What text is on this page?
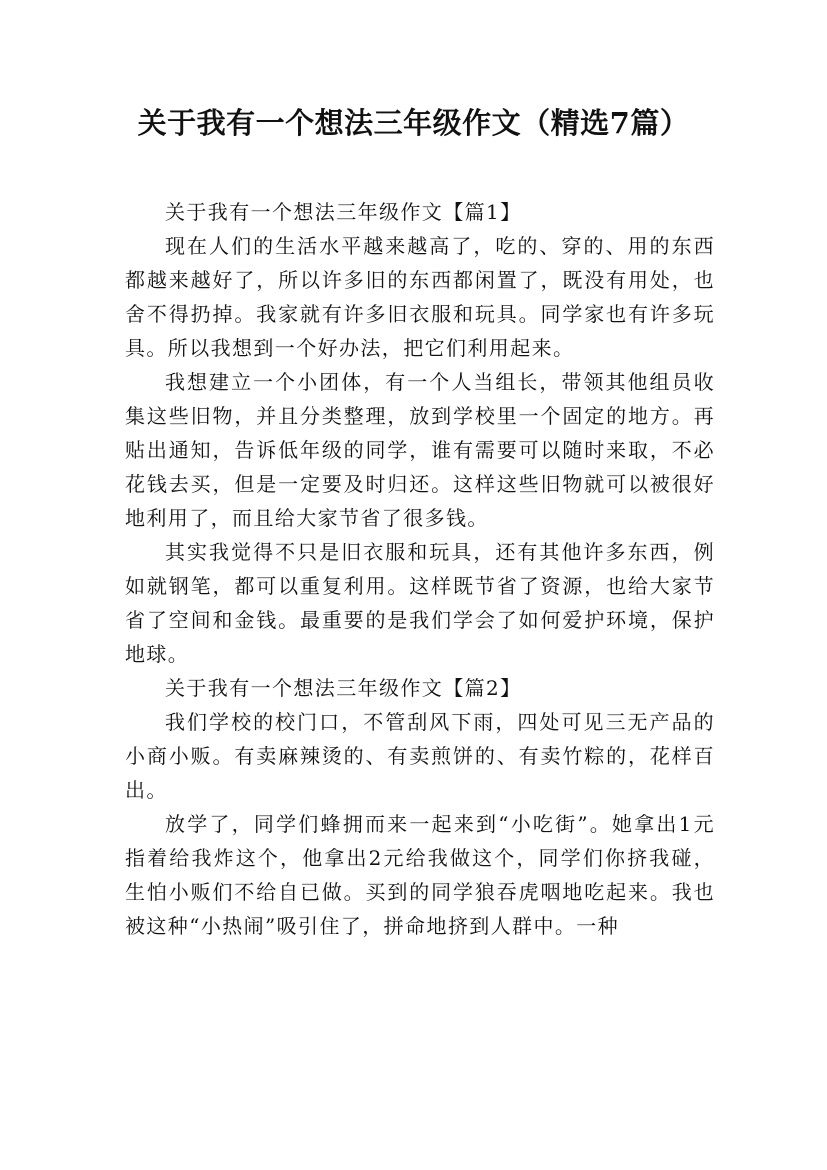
关于我有一个想法三年级作文（精选7篇）

关于我有一个想法三年级作文【篇1】

现在人们的生活水平越来越高了，吃的、穿的、用的东西都越来越好了，所以许多旧的东西都闲置了，既没有用处，也舍不得扔掉。我家就有许多旧衣服和玩具。同学家也有许多玩具。所以我想到一个好办法，把它们利用起来。

我想建立一个小团体，有一个人当组长，带领其他组员收集这些旧物，并且分类整理，放到学校里一个固定的地方。再贴出通知，告诉低年级的同学，谁有需要可以随时来取，不必花钱去买，但是一定要及时归还。这样这些旧物就可以被很好地利用了，而且给大家节省了很多钱。

其实我觉得不只是旧衣服和玩具，还有其他许多东西，例如就钢笔，都可以重复利用。这样既节省了资源，也给大家节省了空间和金钱。最重要的是我们学会了如何爱护环境，保护地球。

关于我有一个想法三年级作文【篇2】

我们学校的校门口，不管刮风下雨，四处可见三无产品的小商小贩。有卖麻辣烫的、有卖煎饼的、有卖竹粽的，花样百出。

放学了，同学们蜂拥而来一起来到“小吃街”。她拿出1元指着给我炸这个，他拿出2元给我做这个，同学们你挤我碰，生怕小贩们不给自已做。买到的同学狼吞虎咽地吃起来。我也被这种“小热闹”吸引住了，拼命地挤到人群中。一种
